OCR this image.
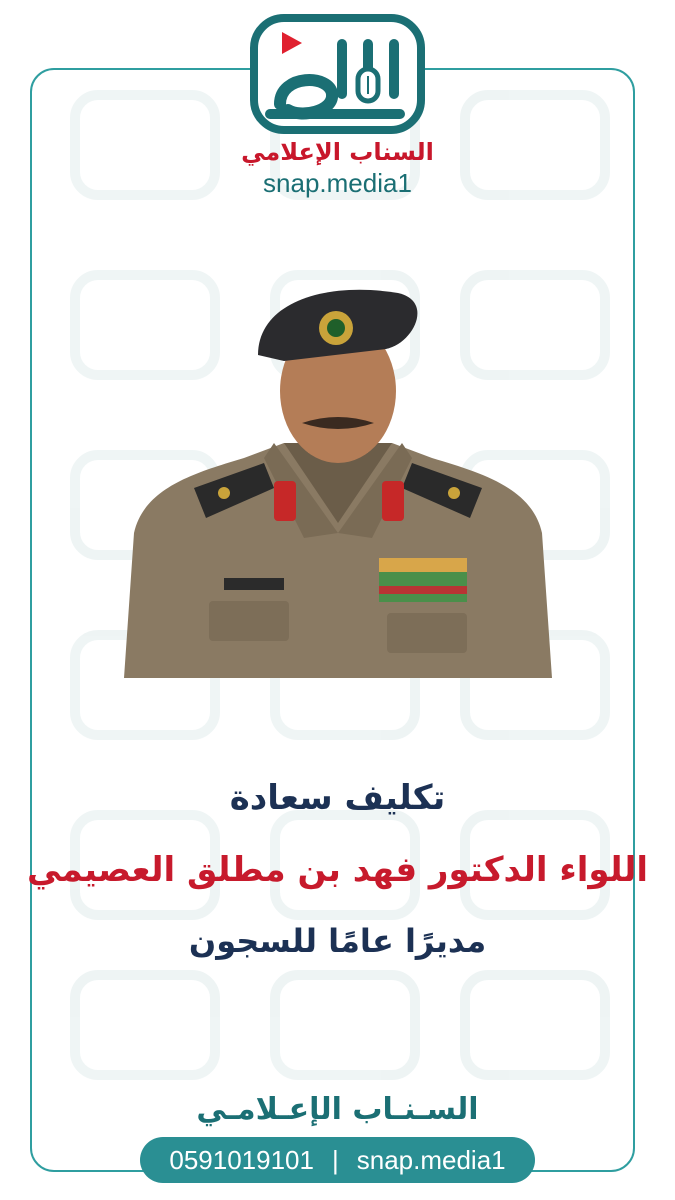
السناب الإعلامي
snap.media1
تكليف سعادة
اللواء الدكتور فهد بن مطلق العصيمي
مديرًا عامًا للسجون
السـنـاب الإعـلامـي
0591019101 | snap.media1
